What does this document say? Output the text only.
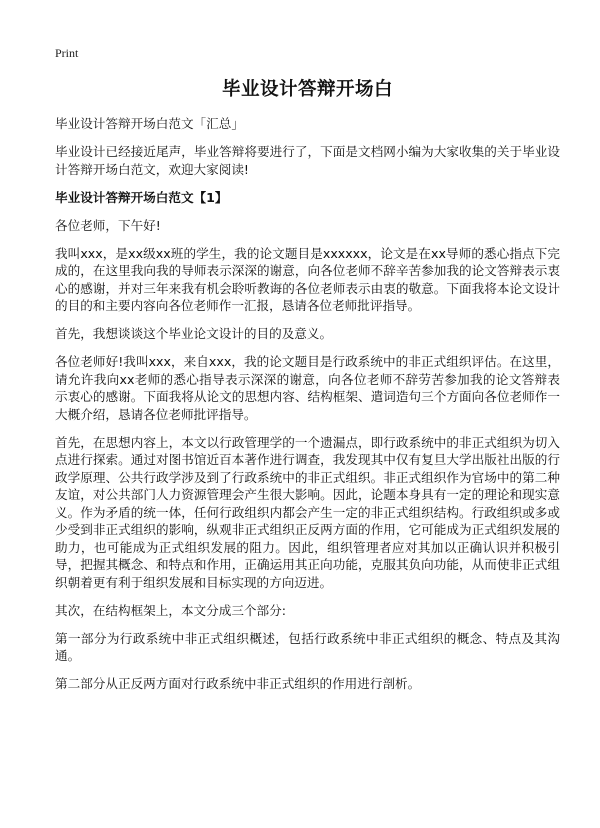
Print
毕业设计答辩开场白

毕业设计答辩开场白范文「汇总」

毕业设计已经接近尾声，毕业答辩将要进行了，下面是文档网小编为大家收集的关于毕业设计答辩开场白范文，欢迎大家阅读!

毕业设计答辩开场白范文【1】

各位老师，下午好!

我叫xxx，是xx级xx班的学生，我的论文题目是xxxxxx，论文是在xx导师的悉心指点下完成的，在这里我向我的导师表示深深的谢意，向各位老师不辞辛苦参加我的论文答辩表示衷心的感谢，并对三年来我有机会聆听教诲的各位老师表示由衷的敬意。下面我将本论文设计的目的和主要内容向各位老师作一汇报，恳请各位老师批评指导。

首先，我想谈谈这个毕业论文设计的目的及意义。

各位老师好!我叫xxx，来自xxx，我的论文题目是行政系统中的非正式组织评估。在这里，请允许我向xx老师的悉心指导表示深深的谢意，向各位老师不辞劳苦参加我的论文答辩表示衷心的感谢。下面我将从论文的思想内容、结构框架、遣词造句三个方面向各位老师作一大概介绍，恳请各位老师批评指导。

首先，在思想内容上，本文以行政管理学的一个遗漏点，即行政系统中的非正式组织为切入点进行探索。通过对图书馆近百本著作进行调查，我发现其中仅有复旦大学出版社出版的行政学原理、公共行政学涉及到了行政系统中的非正式组织。非正式组织作为官场中的第二种友谊，对公共部门人力资源管理会产生很大影响。因此，论题本身具有一定的理论和现实意义。作为矛盾的统一体，任何行政组织内都会产生一定的非正式组织结构。行政组织或多或少受到非正式组织的影响，纵观非正式组织正反两方面的作用，它可能成为正式组织发展的助力，也可能成为正式组织发展的阻力。因此，组织管理者应对其加以正确认识并积极引导，把握其概念、和特点和作用，正确运用其正向功能，克服其负向功能，从而使非正式组织朝着更有利于组织发展和目标实现的方向迈进。

其次，在结构框架上，本文分成三个部分:

第一部分为行政系统中非正式组织概述，包括行政系统中非正式组织的概念、特点及其沟通。

第二部分从正反两方面对行政系统中非正式组织的作用进行剖析。
